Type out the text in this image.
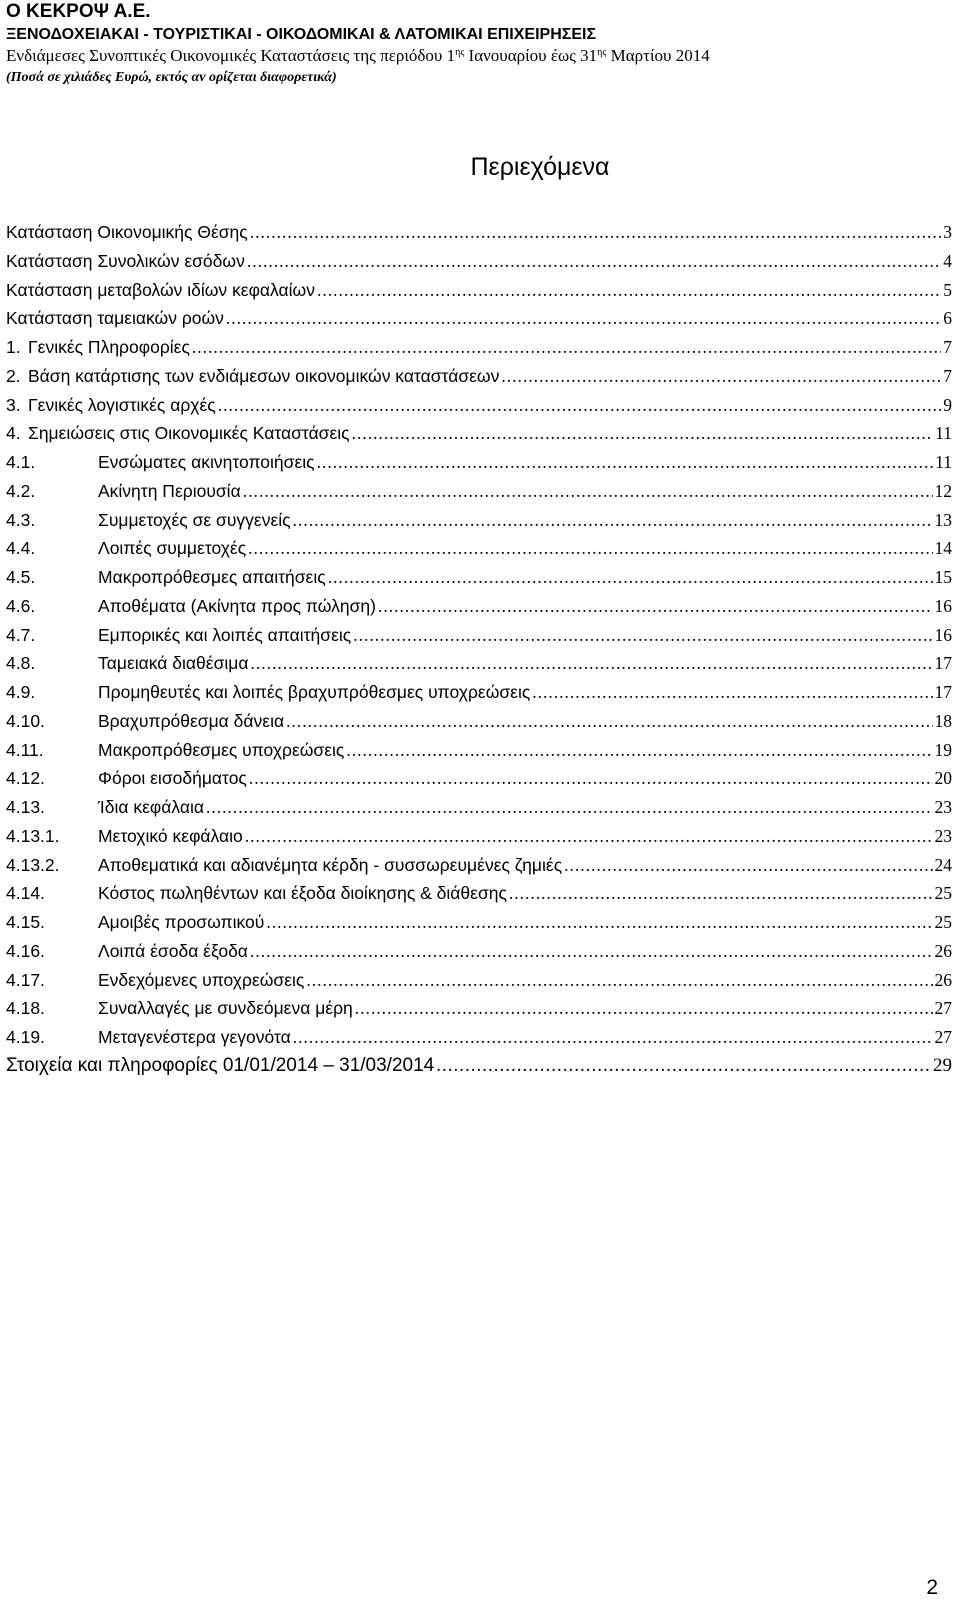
Ο ΚΕΚΡΟΨ Α.Ε.
ΞΕΝΟΔΟΧΕΙΑΚΑΙ - ΤΟΥΡΙΣΤΙΚΑΙ - ΟΙΚΟΔΟΜΙΚΑΙ & ΛΑΤΟΜΙΚΑΙ ΕΠΙΧΕΙΡΗΣΕΙΣ
Ενδιάμεσες Συνοπτικές Οικονομικές Καταστάσεις της περιόδου $1^{\eta\varsigma}$ Ιανουαρίου έως $31^{\eta\varsigma}$ Μαρτίου 2014
(Ποσά σε χιλιάδες Ευρώ, εκτός αν ορίζεται διαφορετικά)
Περιεχόμενα
Κατάσταση Οικονομικής Θέσης .....	3
Κατάσταση Συνολικών εσόδων .....	4
Κατάσταση μεταβολών ιδίων κεφαλαίων .....	5
Κατάσταση ταμειακών ροών .....	6
1. Γενικές Πληροφορίες .....	7
2. Βάση κατάρτισης των ενδιάμεσων οικονομικών καταστάσεων .....	7
3. Γενικές λογιστικές αρχές .....	9
4. Σημειώσεις στις Οικονομικές Καταστάσεις .....	11
4.1.	Ενσώματες ακινητοποιήσεις .....	11
4.2.	Ακίνητη Περιουσία .....	12
4.3.	Συμμετοχές σε συγγενείς .....	13
4.4.	Λοιπές συμμετοχές .....	14
4.5.	Μακροπρόθεσμες απαιτήσεις .....	15
4.6.	Αποθέματα (Ακίνητα προς πώληση) .....	16
4.7.	Εμπορικές και λοιπές απαιτήσεις .....	16
4.8.	Ταμειακά διαθέσιμα .....	17
4.9.	Προμηθευτές και λοιπές βραχυπρόθεσμες υποχρεώσεις .....	17
4.10.	Βραχυπρόθεσμα δάνεια .....	18
4.11.	Μακροπρόθεσμες υποχρεώσεις .....	19
4.12.	Φόροι εισοδήματος .....	20
4.13.	Ίδια κεφάλαια .....	23
4.13.1.	Μετοχικό κεφάλαιο .....	23
4.13.2.	Αποθεματικά και αδιανέμητα κέρδη - συσσωρευμένες ζημιές .....	24
4.14.	Κόστος πωληθέντων και έξοδα διοίκησης & διάθεσης .....	25
4.15.	Αμοιβές προσωπικού .....	25
4.16.	Λοιπά έσοδα έξοδα .....	26
4.17.	Ενδεχόμενες υποχρεώσεις .....	26
4.18.	Συναλλαγές με συνδεόμενα μέρη .....	27
4.19.	Μεταγενέστερα γεγονότα .....	27
Στοιχεία και πληροφορίες 01/01/2014 – 31/03/2014 .....	29
2
